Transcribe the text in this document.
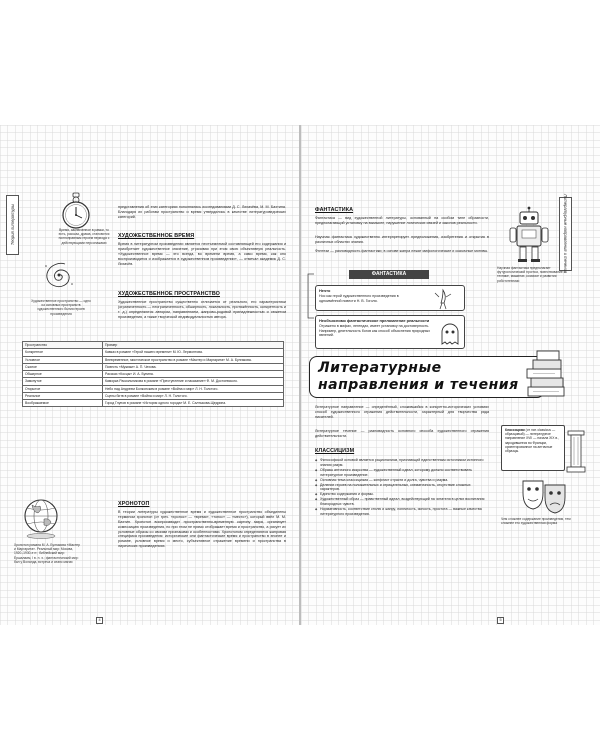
Теория литературы	Время, заключенное в рамки, то есть, рассказ, драма, становится полноправным героем периода с действующими персонажами
Художественное пространство — одно из основных пространств художественного бытия героев произведения
представления об этих категориях пополнялись исследованиями Д. С. Лихачёва, М. М. Бахтина. Благодаря их работам пространство и время утвердились в качестве литературоведческих категорий.
ХУДОЖЕСТВЕННОЕ ВРЕМЯ
Время в литературном произведении является неотъемлемой составляющей его содержания и приобретает художественное значение, утрачивая при этом свою объективную реальность. «Художественное время — это всегда, во времени время, а само время, как оно воспроизводится и изображается в художественном произведении», — отмечал академик Д. С. Лихачёв.
ХУДОЖЕСТВЕННОЕ ПРОСТРАНСТВО
Художественное пространство существенно отличается от реального, его характеристики (ограниченность — неограниченность, обширность, локальность, протяжённость, конкретность и т. д.) определяются автором, направлением, жанрово-родовой принадлежностью и сюжетом произведения, а также творческой индивидуальностью автора.
Пространство	Пример
Конкретное	Кавказ в романе «Герой нашего времени» М. Ю. Лермонтова.
Условное	Вневременное, мистическое пространство в романе «Мастер и Маргарита» М. А. Булгакова.
Сжатое	Повесть «Мужики» А. П. Чехова.
Обширное	Рассказ «Косцы» И. А. Бунина.
Замкнутое	Каморка Раскольникова в романе «Преступление и наказание» Ф. М. Достоевского.
Открытое	Небо над Андреем Болконским в романе «Война и мир» Л. Н. Толстого.
Реальное	Сцены битв в романе «Война и мир» Л. Н. Толстого.
Воображаемое	Город Глупов в романе «История одного города» М. Е. Салтыкова-Щедрина.
Хронотоп романа М. А. Булгакова «Мастер и Маргарита». Реальный мир: Москва, 1920–1930-е гг.; библейский мир: Ершалаим, I в. н. э.; фантастический мир: бал у Воланда, встреча и сеанс магии
ХРОНОТОП
В теории литературы художественное время и художественное пространство объединены термином хронотоп (от греч. «хронос» — «время», «топос» — «место»), который ввёл М. М. Бахтин. Хронотоп воспроизводит пространственно-временную картину мира, организует композицию произведения, но при этом не прямо отображает время и пространство, а рисует их условные образы со своими признаками и особенностями. Хронотопом определяются жанровая специфика произведения: исторические или фантастические время и пространство в эпопее и романе, условное время и место, субъективное отражение времени и пространства в лирических произведениях.
4
Литературные направления и течения
ФАНТАСТИКА
Фантастика — вид художественной литературы, основанный на особом типе образности, предполагающий установку на вымысел, нарушение логических связей и законов реальности.
Научная фантастика художественно интерпретирует предположения, изобретения и открытия в различных областях знания.
Фэнтези — разновидность фантастики; в основе жанра лежат мифологические и сказочные мотивы.
Научная фантастика предполагает футурологический прогноз, повествование о технике, машинах, космосе и развитии робототехники
ФАНТАСТИКА
Нечто
Нос как герой художественного произведения в одноимённой повести Н. В. Гоголя.
Необъяснимо фантастическое преломление реальности
Отражено в мифах, легендах, имеет установку на достоверность. Например, деятельность богов как способ объяснения природных явлений.
Литературные
направления и течения
Литературное направление — определённый, сложившийся в конкретно-исторических условиях способ художественного отражения действительности, характерный для творчества ряда писателей.
Литературное течение — разновидность основного способа художественного отражения действительности.
КЛАССИЦИЗМ
◆ Философской основой является рационализм, признающий единственным источником истинного знания разум.
◆ Образы античного искусства — художественный идеал, которому должно соответствовать литературное произведение.
◆ Основная тема классицизма — конфликт страсти и долга, чувства и разума.
◆ Деление героев на положительных и отрицательных, схематичность, отсутствие сложных характеров.
◆ Единство содержания и формы.
◆ Художественный образ — нравственный идеал, воздействующий на читателя в целях воспитания благородных чувств.
◆ Нормативность, соответствие стилю и жанру, логичность, ясность, простота — важные качества литературного произведения.
Классицизм (от лат. classicus — образцовый) — литературное направление XVII — начала XIX в., зародившееся во Франции, ориентированное на античные образцы.
Чем сложнее содержание произведения, тем сложнее его художественная форма
5
